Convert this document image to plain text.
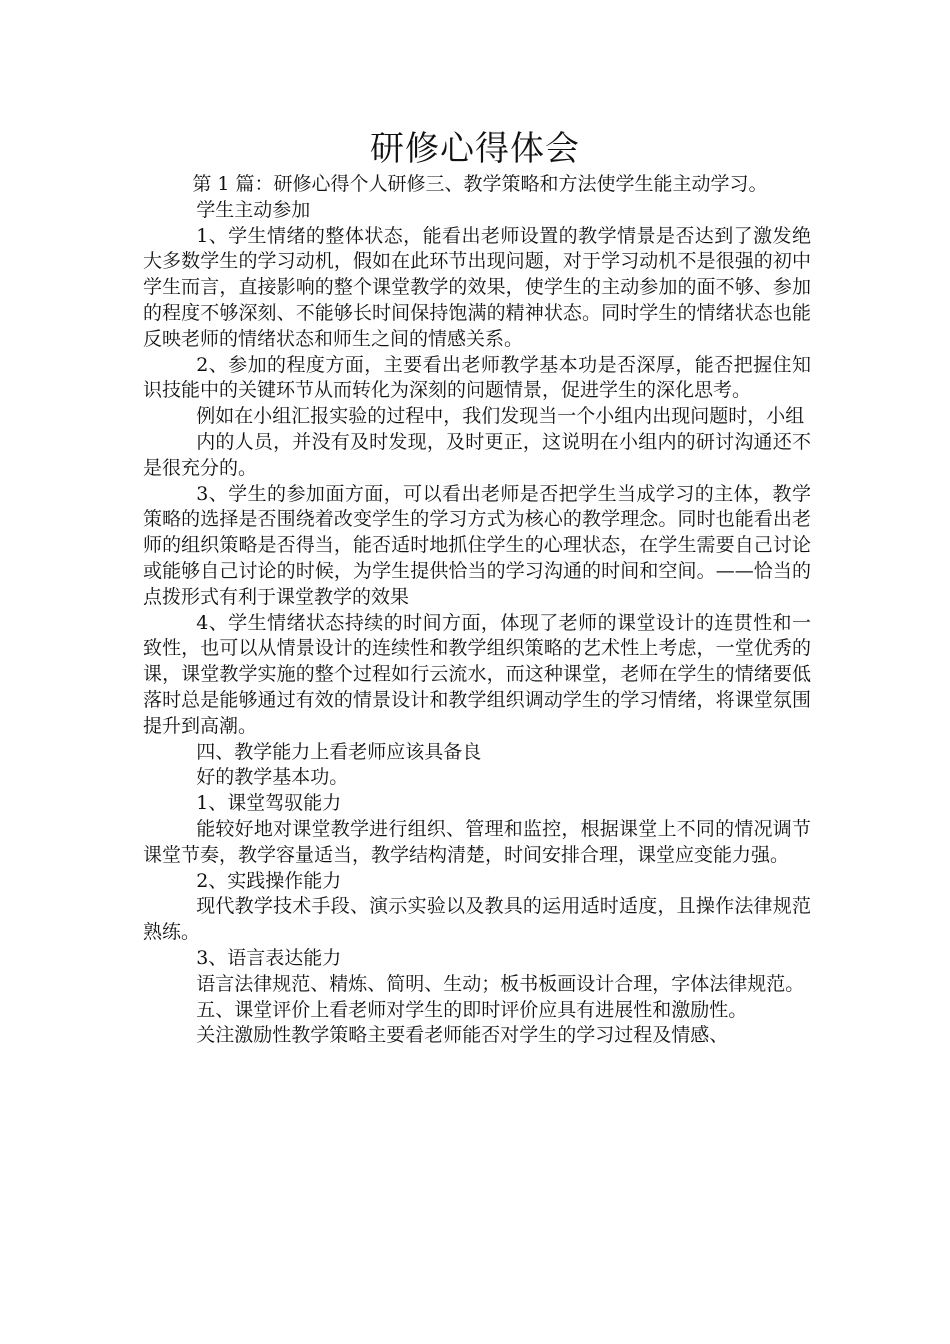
研修心得体会

第 1 篇：研修心得个人研修三、教学策略和方法使学生能主动学习。

学生主动参加

1、学生情绪的整体状态，能看出老师设置的教学情景是否达到了激发绝大多数学生的学习动机，假如在此环节出现问题，对于学习动机不是很强的初中学生而言，直接影响的整个课堂教学的效果，使学生的主动参加的面不够、参加的程度不够深刻、不能够长时间保持饱满的精神状态。同时学生的情绪状态也能反映老师的情绪状态和师生之间的情感关系。

2、参加的程度方面，主要看出老师教学基本功是否深厚，能否把握住知识技能中的关键环节从而转化为深刻的问题情景，促进学生的深化思考。

例如在小组汇报实验的过程中，我们发现当一个小组内出现问题时，小组

内的人员，并没有及时发现，及时更正，这说明在小组内的研讨沟通还不是很充分的。

3、学生的参加面方面，可以看出老师是否把学生当成学习的主体，教学策略的选择是否围绕着改变学生的学习方式为核心的教学理念。同时也能看出老师的组织策略是否得当，能否适时地抓住学生的心理状态，在学生需要自己讨论或能够自己讨论的时候，为学生提供恰当的学习沟通的时间和空间。——恰当的点拨形式有利于课堂教学的效果

4、学生情绪状态持续的时间方面，体现了老师的课堂设计的连贯性和一致性，也可以从情景设计的连续性和教学组织策略的艺术性上考虑，一堂优秀的课，课堂教学实施的整个过程如行云流水，而这种课堂，老师在学生的情绪要低落时总是能够通过有效的情景设计和教学组织调动学生的学习情绪，将课堂氛围提升到高潮。

四、教学能力上看老师应该具备良

好的教学基本功。

1、课堂驾驭能力

能较好地对课堂教学进行组织、管理和监控，根据课堂上不同的情况调节课堂节奏，教学容量适当，教学结构清楚，时间安排合理，课堂应变能力强。

2、实践操作能力

现代教学技术手段、演示实验以及教具的运用适时适度，且操作法律规范熟练。

3、语言表达能力

语言法律规范、精炼、简明、生动；板书板画设计合理，字体法律规范。

五、课堂评价上看老师对学生的即时评价应具有进展性和激励性。

关注激励性教学策略主要看老师能否对学生的学习过程及情感、
